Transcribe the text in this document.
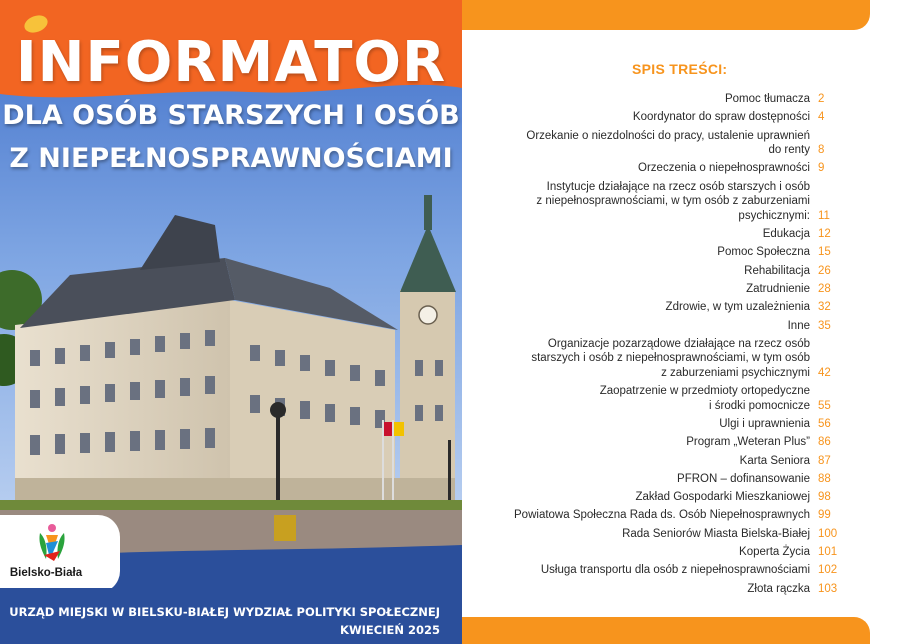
INFORMATOR
DLA OSÓB STARSZYCH I OSÓB
Z NIEPEŁNOSPRAWNOŚCIAMI
Bielsko-Biała
URZĄD MIEJSKI W BIELSKU-BIAŁEJ WYDZIAŁ POLITYKI SPOŁECZNEJ
KWIECIEŃ 2025
SPIS TREŚCI:
Pomoc tłumacza 2
Koordynator do spraw dostępności 4
Orzekanie o niezdolności do pracy, ustalenie uprawnień
do renty 8
Orzeczenia o niepełnosprawności 9
Instytucje działające na rzecz osób starszych i osób
z niepełnosprawnościami, w tym osób z zaburzeniami
psychicznymi: 11
Edukacja 12
Pomoc Społeczna 15
Rehabilitacja 26
Zatrudnienie 28
Zdrowie, w tym uzależnienia 32
Inne 35
Organizacje pozarządowe działające na rzecz osób
starszych i osób z niepełnosprawnościami, w tym osób
z zaburzeniami psychicznymi 42
Zaopatrzenie w przedmioty ortopedyczne
i środki pomocnicze 55
Ulgi i uprawnienia 56
Program „Weteran Plus” 86
Karta Seniora 87
PFRON – dofinansowanie 88
Zakład Gospodarki Mieszkaniowej 98
Powiatowa Społeczna Rada ds. Osób Niepełnosprawnych 99
Rada Seniorów Miasta Bielska-Białej 100
Koperta Życia 101
Usługa transportu dla osób z niepełnosprawnościami 102
Złota rączka 103
